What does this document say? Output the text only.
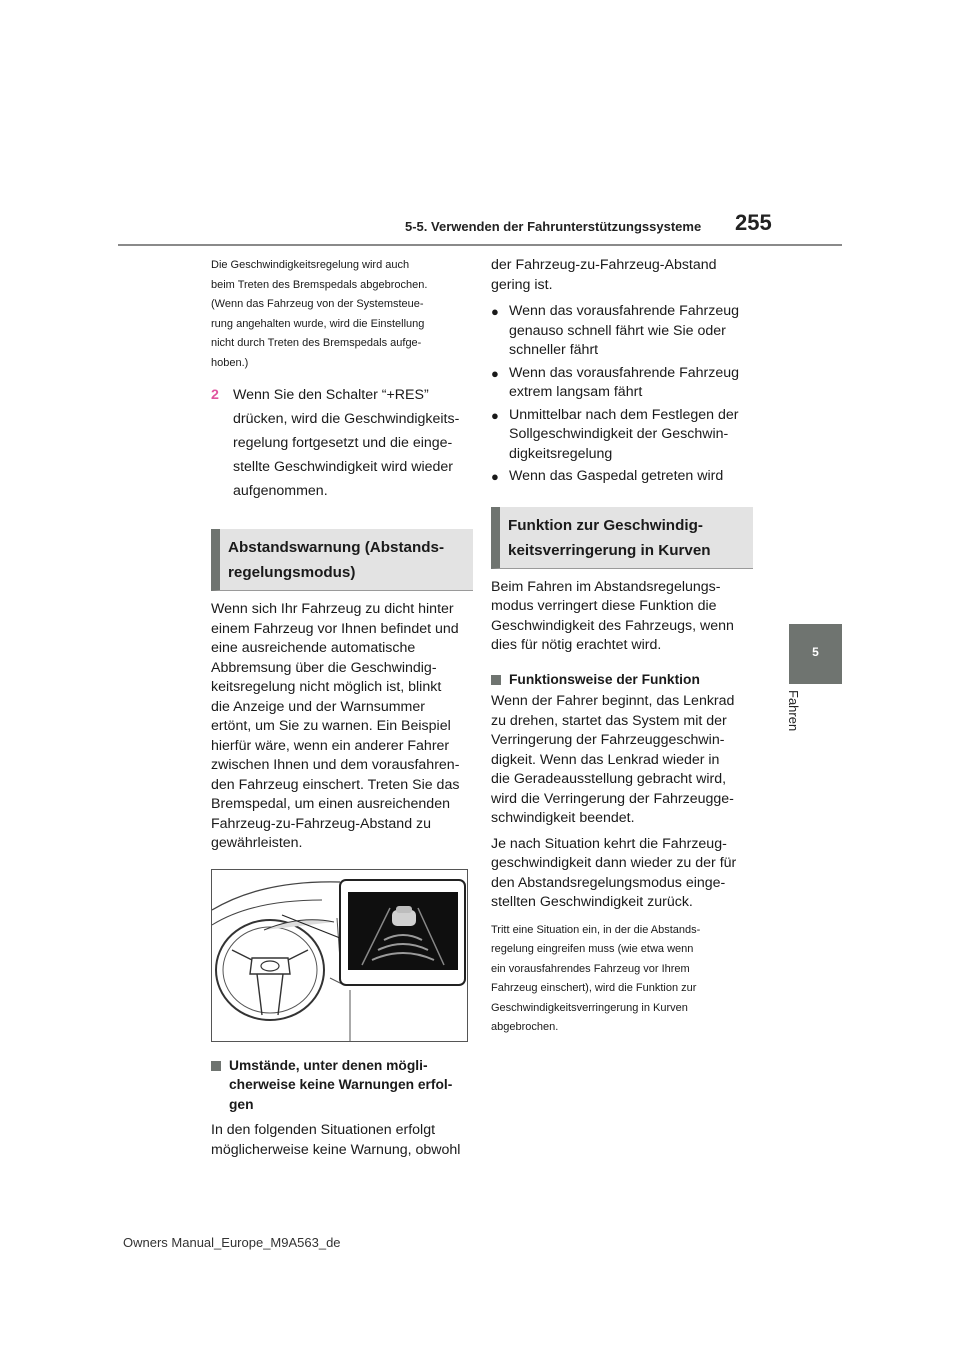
5-5. Verwenden der Fahrunterstützungssysteme 255
5
Fahren

Die Geschwindigkeitsregelung wird auch

beim Treten des Bremspedals abgebrochen.

(Wenn das Fahrzeug von der Systemsteue-

rung angehalten wurde, wird die Einstellung

nicht durch Treten des Bremspedals aufge-

hoben.)

2 Wenn Sie den Schalter “+RES”
drücken, wird die Geschwindigkeits-
regelung fortgesetzt und die einge-
stellte Geschwindigkeit wird wieder
aufgenommen.
Abstandswarnung (Abstands-
regelungsmodus)

Wenn sich Ihr Fahrzeug zu dicht hinter

einem Fahrzeug vor Ihnen befindet und

eine ausreichende automatische

Abbremsung über die Geschwindig-

keitsregelung nicht möglich ist, blinkt

die Anzeige und der Warnsummer

ertönt, um Sie zu warnen. Ein Beispiel

hierfür wäre, wenn ein anderer Fahrer

zwischen Ihnen und dem vorausfahren-

den Fahrzeug einschert. Treten Sie das

Bremspedal, um einen ausreichenden

Fahrzeug-zu-Fahrzeug-Abstand zu

gewährleisten.

Umstände, unter denen mögli-
cherweise keine Warnungen erfol-
gen

In den folgenden Situationen erfolgt

möglicherweise keine Warnung, obwohl

der Fahrzeug-zu-Fahrzeug-Abstand

gering ist.

● Wenn das vorausfahrende Fahrzeug
genauso schnell fährt wie Sie oder
schneller fährt
● Wenn das vorausfahrende Fahrzeug
extrem langsam fährt
● Unmittelbar nach dem Festlegen der
Sollgeschwindigkeit der Geschwin-
digkeitsregelung
● Wenn das Gaspedal getreten wird
Funktion zur Geschwindig-
keitsverringerung in Kurven

Beim Fahren im Abstandsregelungs-

modus verringert diese Funktion die

Geschwindigkeit des Fahrzeugs, wenn

dies für nötig erachtet wird.

Funktionsweise der Funktion

Wenn der Fahrer beginnt, das Lenkrad

zu drehen, startet das System mit der

Verringerung der Fahrzeuggeschwin-

digkeit. Wenn das Lenkrad wieder in

die Geradeausstellung gebracht wird,

wird die Verringerung der Fahrzeugge-

schwindigkeit beendet.

Je nach Situation kehrt die Fahrzeug-

geschwindigkeit dann wieder zu der für

den Abstandsregelungsmodus einge-

stellten Geschwindigkeit zurück.

Tritt eine Situation ein, in der die Abstands-

regelung eingreifen muss (wie etwa wenn

ein vorausfahrendes Fahrzeug vor Ihrem

Fahrzeug einschert), wird die Funktion zur

Geschwindigkeitsverringerung in Kurven

abgebrochen.

Owners Manual_Europe_M9A563_de
